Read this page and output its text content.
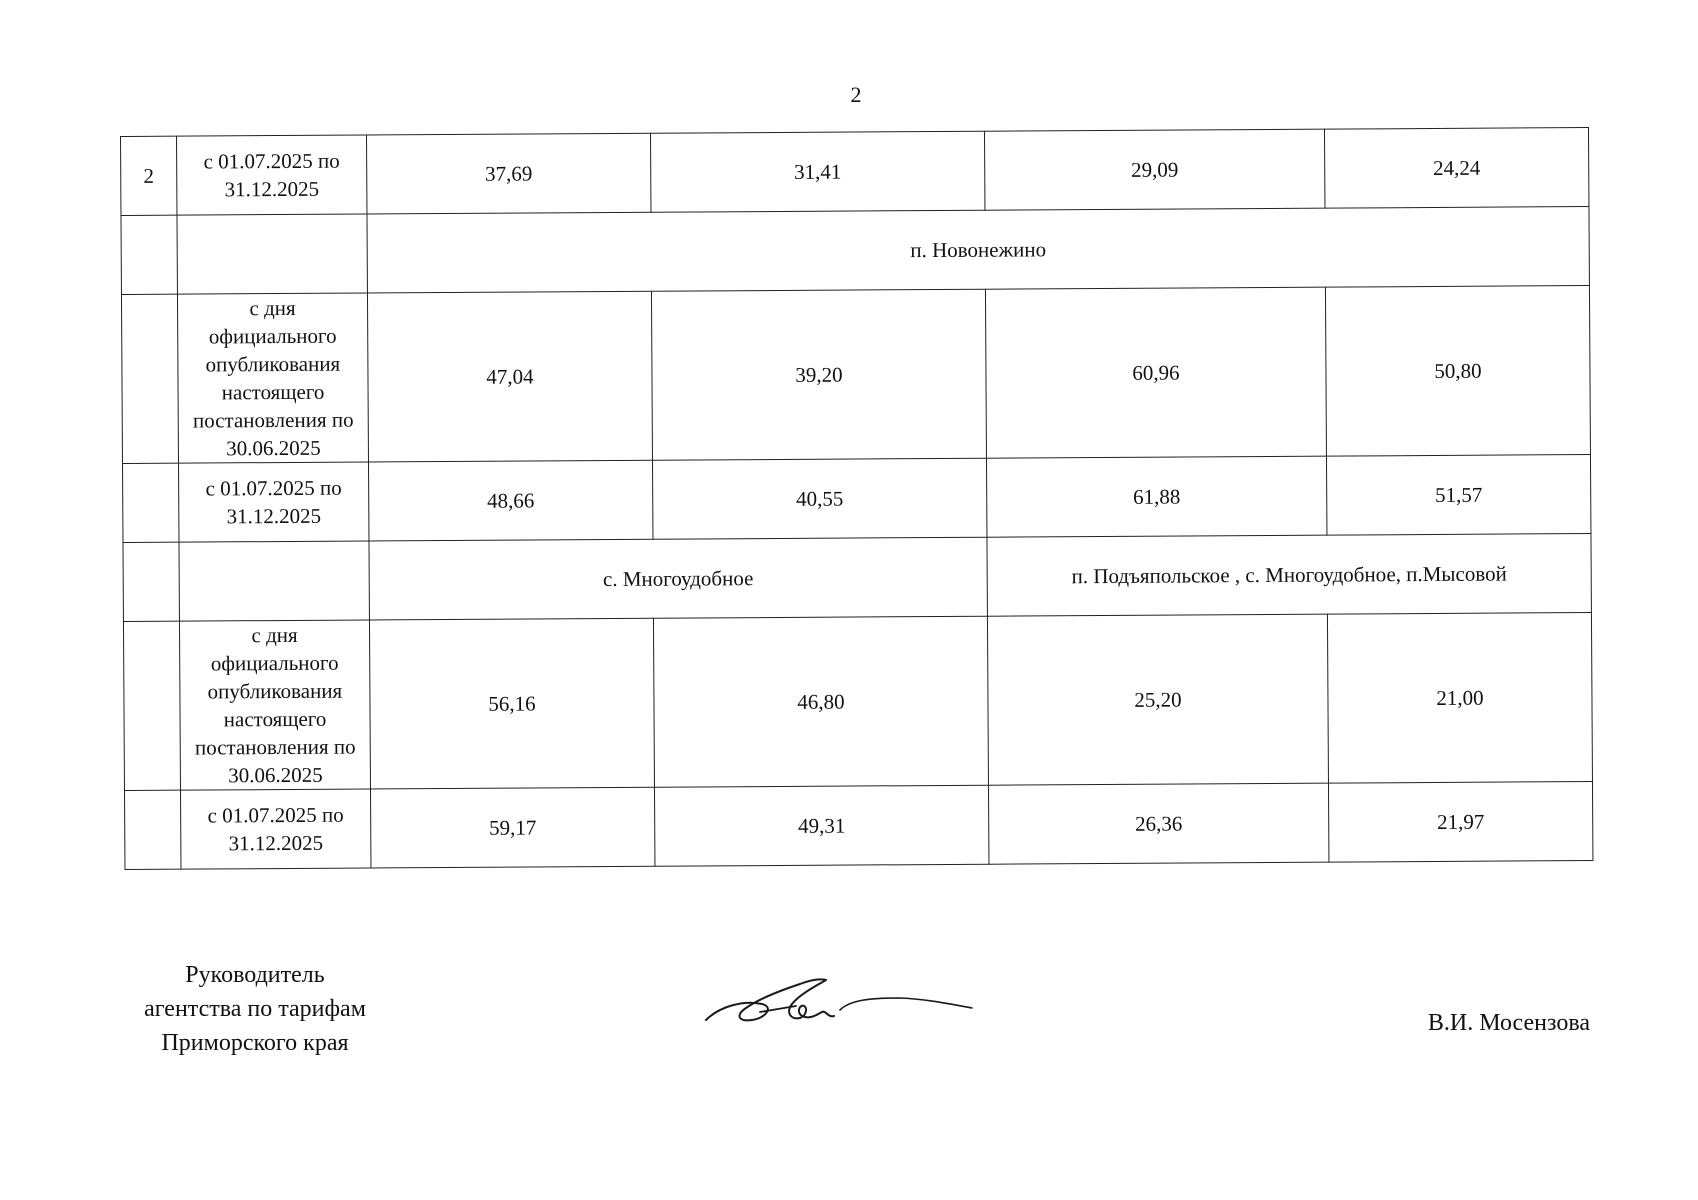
2
2	с 01.07.2025 по 31.12.2025	37,69	31,41	29,09	24,24
		п. Новонежино			
	с дня официального опубликования настоящего постановления по 30.06.2025	47,04	39,20	60,96	50,80
	с 01.07.2025 по 31.12.2025	48,66	40,55	61,88	51,57
		с. Многоудобное		п. Подъяпольское , с. Многоудобное, п.Мысовой	
	с дня официального опубликования настоящего постановления по 30.06.2025	56,16	46,80	25,20	21,00
	с 01.07.2025 по 31.12.2025	59,17	49,31	26,36	21,97
Руководитель
агентства по тарифам
Приморского края
В.И. Мосензова
